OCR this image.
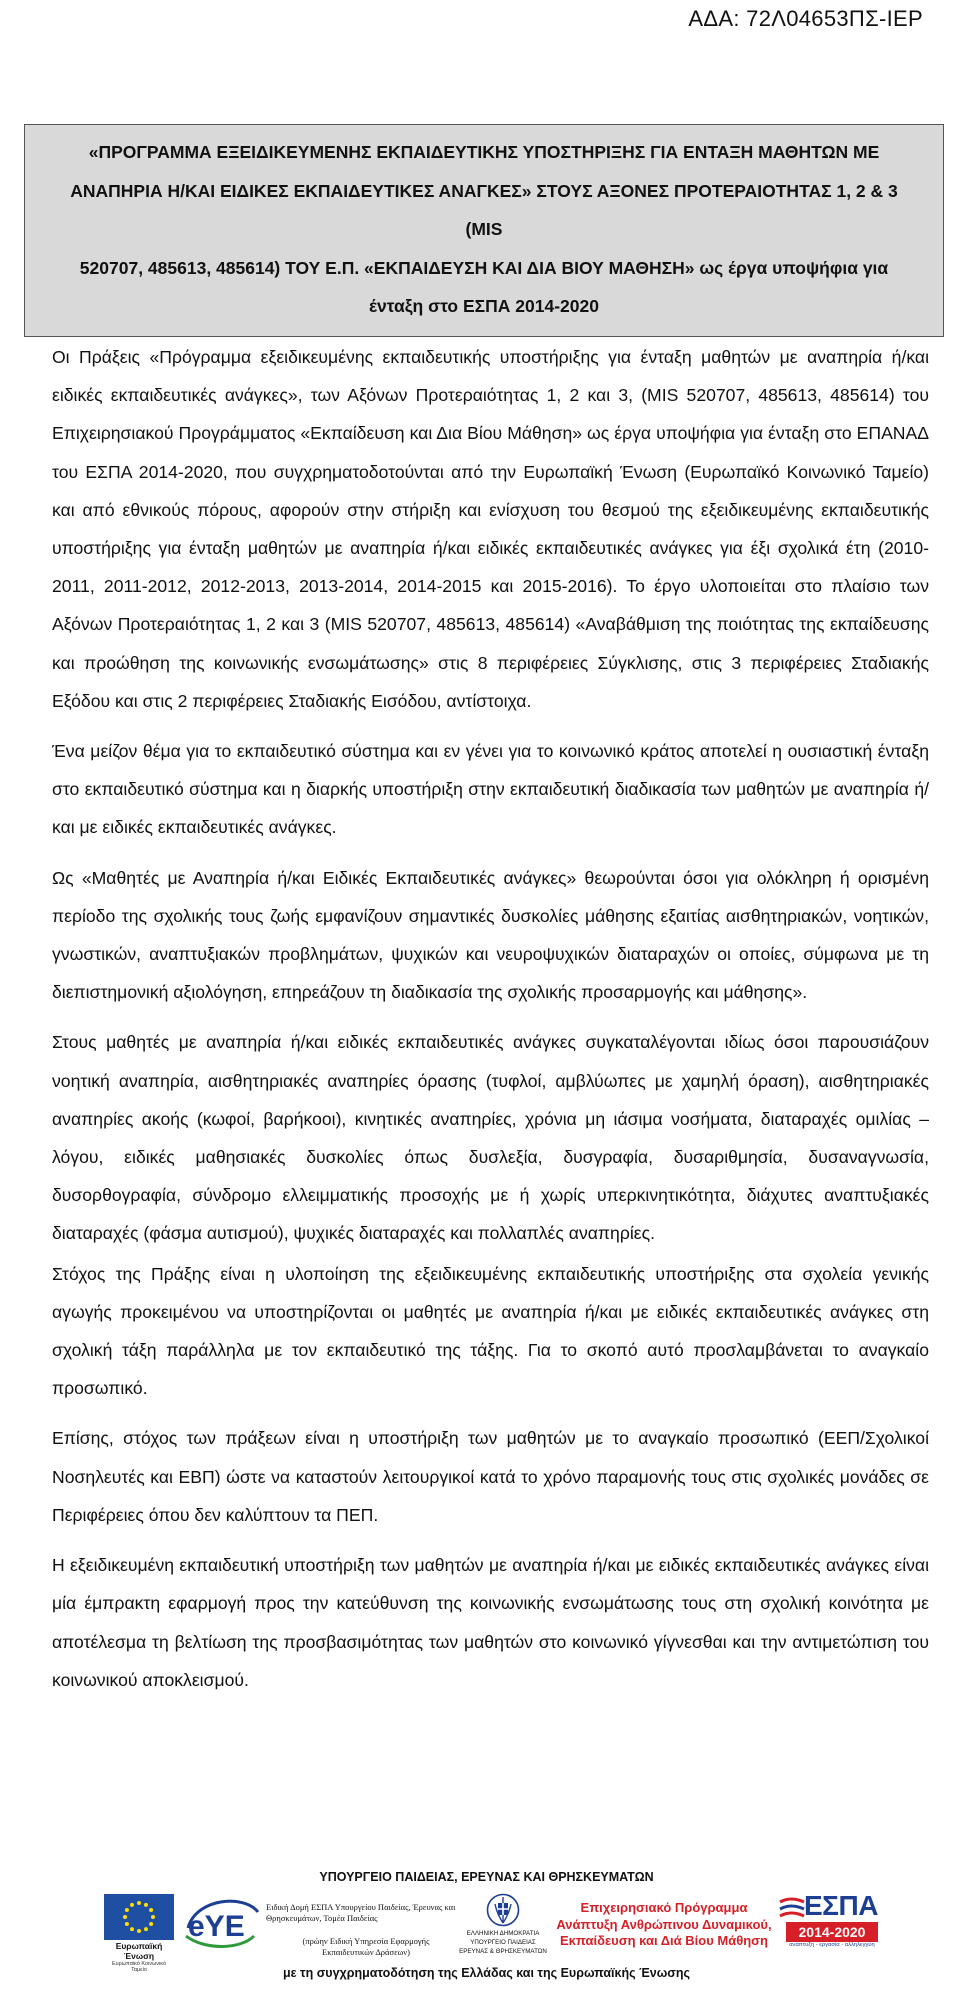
ΑΔΑ: 72Λ04653ΠΣ-ΙΕΡ

«ΠΡΟΓΡΑΜΜΑ ΕΞΕΙΔΙΚΕΥΜΕΝΗΣ ΕΚΠΑΙΔΕΥΤΙΚΗΣ ΥΠΟΣΤΗΡΙΞΗΣ ΓΙΑ ΕΝΤΑΞΗ ΜΑΘΗΤΩΝ ΜΕ

ΑΝΑΠΗΡΙΑ Η/ΚΑΙ ΕΙΔΙΚΕΣ ΕΚΠΑΙΔΕΥΤΙΚΕΣ ΑΝΑΓΚΕΣ» ΣΤΟΥΣ ΑΞΟΝΕΣ ΠΡΟΤΕΡΑΙΟΤΗΤΑΣ 1, 2 & 3 (MIS

520707, 485613, 485614) ΤΟΥ Ε.Π. «ΕΚΠΑΙΔΕΥΣΗ ΚΑΙ ΔΙΑ ΒΙΟΥ ΜΑΘΗΣΗ» ως έργα υποψήφια για

ένταξη στο ΕΣΠΑ 2014-2020

Οι Πράξεις «Πρόγραμμα εξειδικευμένης εκπαιδευτικής υποστήριξης για ένταξη μαθητών με αναπηρία ή/και ειδικές εκπαιδευτικές ανάγκες», των Αξόνων Προτεραιότητας 1, 2 και 3, (MIS 520707, 485613, 485614) του Επιχειρησιακού Προγράμματος «Εκπαίδευση και Δια Βίου Μάθηση» ως έργα υποψήφια για ένταξη στο ΕΠΑΝΑΔ του ΕΣΠΑ 2014-2020, που συγχρηματοδοτούνται από την Ευρωπαϊκή Ένωση (Ευρωπαϊκό Κοινωνικό Ταμείο) και από εθνικούς πόρους, αφορούν στην στήριξη και ενίσχυση του θεσμού της εξειδικευμένης εκπαιδευτικής υποστήριξης για ένταξη μαθητών με αναπηρία ή/και ειδικές εκπαιδευτικές ανάγκες για έξι σχολικά έτη (2010-2011, 2011-2012, 2012-2013, 2013-2014, 2014-2015 και 2015-2016). Το έργο υλοποιείται στο πλαίσιο των Αξόνων Προτεραιότητας 1, 2 και 3 (MIS 520707, 485613, 485614) «Αναβάθμιση της ποιότητας της εκπαίδευσης και προώθηση της κοινωνικής ενσωμάτωσης» στις 8 περιφέρειες Σύγκλισης, στις 3 περιφέρειες Σταδιακής Εξόδου και στις 2 περιφέρειες Σταδιακής Εισόδου, αντίστοιχα.

Ένα μείζον θέμα για το εκπαιδευτικό σύστημα και εν γένει για το κοινωνικό κράτος αποτελεί η ουσιαστική ένταξη στο εκπαιδευτικό σύστημα και η διαρκής υποστήριξη στην εκπαιδευτική διαδικασία των μαθητών με αναπηρία ή/και με ειδικές εκπαιδευτικές ανάγκες.

Ως «Μαθητές με Αναπηρία ή/και Ειδικές Εκπαιδευτικές ανάγκες» θεωρούνται όσοι για ολόκληρη ή ορισμένη περίοδο της σχολικής τους ζωής εμφανίζουν σημαντικές δυσκολίες μάθησης εξαιτίας αισθητηριακών, νοητικών, γνωστικών, αναπτυξιακών προβλημάτων, ψυχικών και νευροψυχικών διαταραχών οι οποίες, σύμφωνα με τη διεπιστημονική αξιολόγηση, επηρεάζουν τη διαδικασία της σχολικής προσαρμογής και μάθησης».

Στους μαθητές με αναπηρία ή/και ειδικές εκπαιδευτικές ανάγκες συγκαταλέγονται ιδίως όσοι παρουσιάζουν νοητική αναπηρία, αισθητηριακές αναπηρίες όρασης (τυφλοί, αμβλύωπες με χαμηλή όραση), αισθητηριακές αναπηρίες ακοής (κωφοί, βαρήκοοι), κινητικές αναπηρίες, χρόνια μη ιάσιμα νοσήματα, διαταραχές ομιλίας – λόγου, ειδικές μαθησιακές δυσκολίες όπως δυσλεξία, δυσγραφία, δυσαριθμησία, δυσαναγνωσία, δυσορθογραφία, σύνδρομο ελλειμματικής προσοχής με ή χωρίς υπερκινητικότητα, διάχυτες αναπτυξιακές διαταραχές (φάσμα αυτισμού), ψυχικές διαταραχές και πολλαπλές αναπηρίες.

Στόχος της Πράξης είναι η υλοποίηση της εξειδικευμένης εκπαιδευτικής υποστήριξης στα σχολεία γενικής αγωγής προκειμένου να υποστηρίζονται οι μαθητές με αναπηρία ή/και με ειδικές εκπαιδευτικές ανάγκες στη σχολική τάξη παράλληλα με τον εκπαιδευτικό της τάξης. Για το σκοπό αυτό προσλαμβάνεται το αναγκαίο προσωπικό.

Επίσης, στόχος των πράξεων είναι η υποστήριξη των μαθητών με το αναγκαίο προσωπικό (ΕΕΠ/Σχολικοί Νοσηλευτές και ΕΒΠ) ώστε να καταστούν λειτουργικοί κατά το χρόνο παραμονής τους στις σχολικές μονάδες σε Περιφέρειες όπου δεν καλύπτουν τα ΠΕΠ.

Η εξειδικευμένη εκπαιδευτική υποστήριξη των μαθητών με αναπηρία ή/και με ειδικές εκπαιδευτικές ανάγκες είναι μία έμπρακτη εφαρμογή προς την κατεύθυνση της κοινωνικής ενσωμάτωσης τους στη σχολική κοινότητα με αποτέλεσμα τη βελτίωση της προσβασιμότητας των μαθητών στο κοινωνικό γίγνεσθαι και την αντιμετώπιση του κοινωνικού αποκλεισμού.

ΥΠΟΥΡΓΕΙΟ ΠΑΙΔΕΙΑΣ, ΕΡΕΥΝΑΣ ΚΑΙ ΘΡΗΣΚΕΥΜΑΤΩΝ
Ευρωπαϊκή Ένωση
Ευρωπαϊκό Κοινωνικό Ταμείο
eYE
Ειδική Δομή ΕΣΠΑ Υπουργείου Παιδείας, Έρευνας και Θρησκευμάτων, Τομέα Παιδείας
(πρώην Ειδική Υπηρεσία Εφαρμογής Εκπαιδευτικών Δράσεων)
ΕΛΛΗΝΙΚΗ ΔΗΜΟΚΡΑΤΙΑ
ΥΠΟΥΡΓΕΙΟ ΠΑΙΔΕΙΑΣ
ΕΡΕΥΝΑΣ & ΘΡΗΣΚΕΥΜΑΤΩΝ
Επιχειρησιακό Πρόγραμμα
Ανάπτυξη Ανθρώπινου Δυναμικού,
Εκπαίδευση και Διά Βίου Μάθηση
ΕΣΠΑ
2014-2020
ανάπτυξη - εργασία - αλληλεγγύη
με τη συγχρηματοδότηση της Ελλάδας και της Ευρωπαϊκής Ένωσης
